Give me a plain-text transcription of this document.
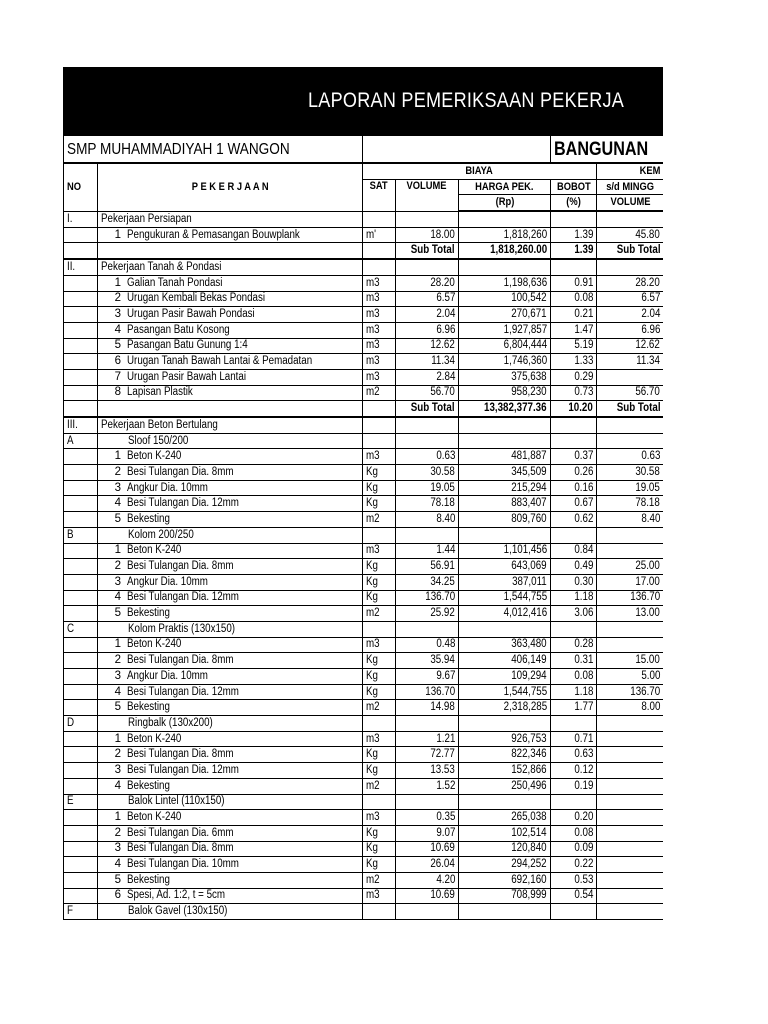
LAPORAN PEMERIKSAAN PEKERJA
SMP MUHAMMADIYAH 1 WANGON					BANGUNAN	
NO	P E K E R J A A N	BIAYA				KEM
		SAT	VOLUME	HARGA PEK.	BOBOT	s/d MINGG
				(Rp)	(%)	VOLUME
I.	Pekerjaan Persiapan					
	1 Pengukuran & Pemasangan Bouwplank	m'	18.00	1,818,260	1.39	45.80
			Sub Total	1,818,260.00	1.39	Sub Total
II.	Pekerjaan Tanah & Pondasi					
	1 Galian Tanah Pondasi	m3	28.20	1,198,636	0.91	28.20
	2 Urugan Kembali Bekas Pondasi	m3	6.57	100,542	0.08	6.57
	3 Urugan Pasir Bawah Pondasi	m3	2.04	270,671	0.21	2.04
	4 Pasangan Batu Kosong	m3	6.96	1,927,857	1.47	6.96
	5 Pasangan Batu Gunung 1:4	m3	12.62	6,804,444	5.19	12.62
	6 Urugan Tanah Bawah Lantai & Pemadatan	m3	11.34	1,746,360	1.33	11.34
	7 Urugan Pasir Bawah Lantai	m3	2.84	375,638	0.29	
	8 Lapisan Plastik	m2	56.70	958,230	0.73	56.70
			Sub Total	13,382,377.36	10.20	Sub Total
III.	Pekerjaan Beton Bertulang					
A	Sloof 150/200					
	1 Beton K-240	m3	0.63	481,887	0.37	0.63
	2 Besi Tulangan Dia. 8mm	Kg	30.58	345,509	0.26	30.58
	3 Angkur Dia. 10mm	Kg	19.05	215,294	0.16	19.05
	4 Besi Tulangan Dia. 12mm	Kg	78.18	883,407	0.67	78.18
	5 Bekesting	m2	8.40	809,760	0.62	8.40
B	Kolom 200/250					
	1 Beton K-240	m3	1.44	1,101,456	0.84	
	2 Besi Tulangan Dia. 8mm	Kg	56.91	643,069	0.49	25.00
	3 Angkur Dia. 10mm	Kg	34.25	387,011	0.30	17.00
	4 Besi Tulangan Dia. 12mm	Kg	136.70	1,544,755	1.18	136.70
	5 Bekesting	m2	25.92	4,012,416	3.06	13.00
C	Kolom Praktis (130x150)					
	1 Beton K-240	m3	0.48	363,480	0.28	
	2 Besi Tulangan Dia. 8mm	Kg	35.94	406,149	0.31	15.00
	3 Angkur Dia. 10mm	Kg	9.67	109,294	0.08	5.00
	4 Besi Tulangan Dia. 12mm	Kg	136.70	1,544,755	1.18	136.70
	5 Bekesting	m2	14.98	2,318,285	1.77	8.00
D	Ringbalk (130x200)					
	1 Beton K-240	m3	1.21	926,753	0.71	
	2 Besi Tulangan Dia. 8mm	Kg	72.77	822,346	0.63	
	3 Besi Tulangan Dia. 12mm	Kg	13.53	152,866	0.12	
	4 Bekesting	m2	1.52	250,496	0.19	
E	Balok Lintel (110x150)					
	1 Beton K-240	m3	0.35	265,038	0.20	
	2 Besi Tulangan Dia. 6mm	Kg	9.07	102,514	0.08	
	3 Besi Tulangan Dia. 8mm	Kg	10.69	120,840	0.09	
	4 Besi Tulangan Dia. 10mm	Kg	26.04	294,252	0.22	
	5 Bekesting	m2	4.20	692,160	0.53	
	6 Spesi, Ad. 1:2, t = 5cm	m3	10.69	708,999	0.54	
F	Balok Gavel (130x150)					
